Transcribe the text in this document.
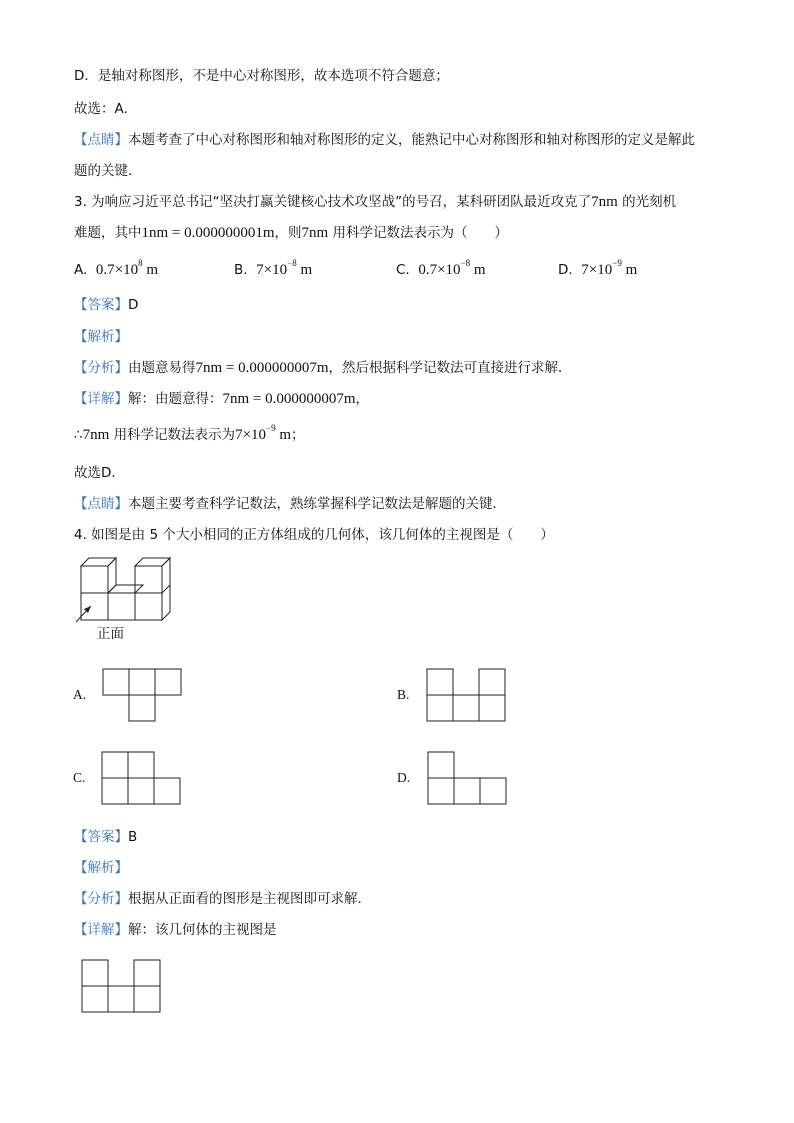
D．是轴对称图形，不是中心对称图形，故本选项不符合题意；
故选：A．
【点睛】本题考查了中心对称图形和轴对称图形的定义，能熟记中心对称图形和轴对称图形的定义是解此
题的关键．
3. 为响应习近平总书记“坚决打赢关键核心技术攻坚战”的号召，某科研团队最近攻克了7nm 的光刻机
难题，其中1nm = 0.000000001m，则7nm 用科学记数法表示为（　　）
A. $0.7\times 10^8$ m	B. $7\times 10^{-8}$ m	C. $0.7\times 10^{-8}$ m	D. $7\times 10^{-9}$ m
【答案】D
【解析】
【分析】由题意易得7nm = 0.000000007m，然后根据科学记数法可直接进行求解．
【详解】解：由题意得：7nm = 0.000000007m，
∴7nm 用科学记数法表示为$7\times 10^{-9}$ m；
故选D．
【点睛】本题主要考查科学记数法，熟练掌握科学记数法是解题的关键．
4. 如图是由 5 个大小相同的正方体组成的几何体，该几何体的主视图是（　　）
正面
A.	B.
C.	D.
【答案】B
【解析】
【分析】根据从正面看的图形是主视图即可求解．
【详解】解：该几何体的主视图是
